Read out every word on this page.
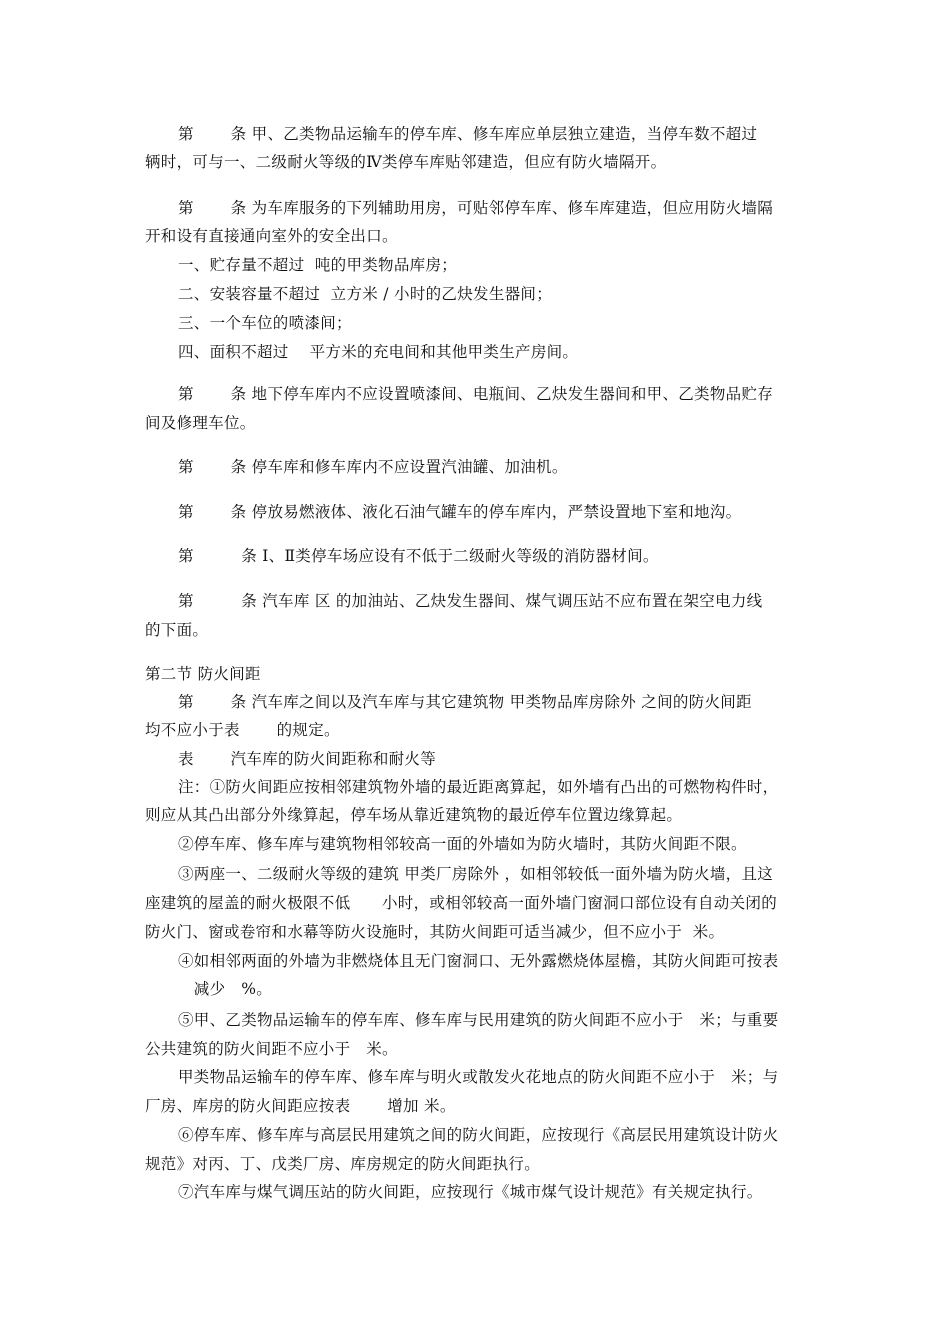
第　　 条 甲、乙类物品运输车的停车库、修车库应单层独立建造，当停车数不超过
辆时，可与一、二级耐火等级的Ⅳ类停车库贴邻建造，但应有防火墙隔开。
第　　 条 为车库服务的下列辅助用房，可贴邻停车库、修车库建造，但应用防火墙隔
开和设有直接通向室外的安全出口。
一、贮存量不超过  吨的甲类物品库房；
二、安装容量不超过  立方米 / 小时的乙炔发生器间；
三、一个车位的喷漆间；
四、面积不超过　 平方米的充电间和其他甲类生产房间。
第　　 条 地下停车库内不应设置喷漆间、电瓶间、乙炔发生器间和甲、乙类物品贮存
间及修理车位。
第　　 条 停车库和修车库内不应设置汽油罐、加油机。
第　　 条 停放易燃液体、液化石油气罐车的停车库内，严禁设置地下室和地沟。
第　　　条 Ⅰ、Ⅱ类停车场应设有不低于二级耐火等级的消防器材间。
第　　　条 汽车库 区 的加油站、乙炔发生器间、煤气调压站不应布置在架空电力线
的下面。
第二节 防火间距
第　　 条 汽车库之间以及汽车库与其它建筑物 甲类物品库房除外 之间的防火间距
均不应小于表　　 的规定。
表　　 汽车库的防火间距称和耐火等
注：①防火间距应按相邻建筑物外墙的最近距离算起，如外墙有凸出的可燃物构件时，
则应从其凸出部分外缘算起，停车场从靠近建筑物的最近停车位置边缘算起。
②停车库、修车库与建筑物相邻较高一面的外墙如为防火墙时，其防火间距不限。
③两座一、二级耐火等级的建筑 甲类厂房除外 ，如相邻较低一面外墙为防火墙，且这
座建筑的屋盖的耐火极限不低　　小时，或相邻较高一面外墙门窗洞口部位设有自动关闭的
防火门、窗或卷帘和水幕等防火设施时，其防火间距可适当减少，但不应小于  米。
④如相邻两面的外墙为非燃烧体且无门窗洞口、无外露燃烧体屋檐，其防火间距可按表
　减少　%。
⑤甲、乙类物品运输车的停车库、修车库与民用建筑的防火间距不应小于　米；与重要
公共建筑的防火间距不应小于　米。
甲类物品运输车的停车库、修车库与明火或散发火花地点的防火间距不应小于　米；与
厂房、库房的防火间距应按表　　 增加 米。
⑥停车库、修车库与高层民用建筑之间的防火间距，应按现行《高层民用建筑设计防火
规范》对丙、丁、戊类厂房、库房规定的防火间距执行。
⑦汽车库与煤气调压站的防火间距，应按现行《城市煤气设计规范》有关规定执行。
